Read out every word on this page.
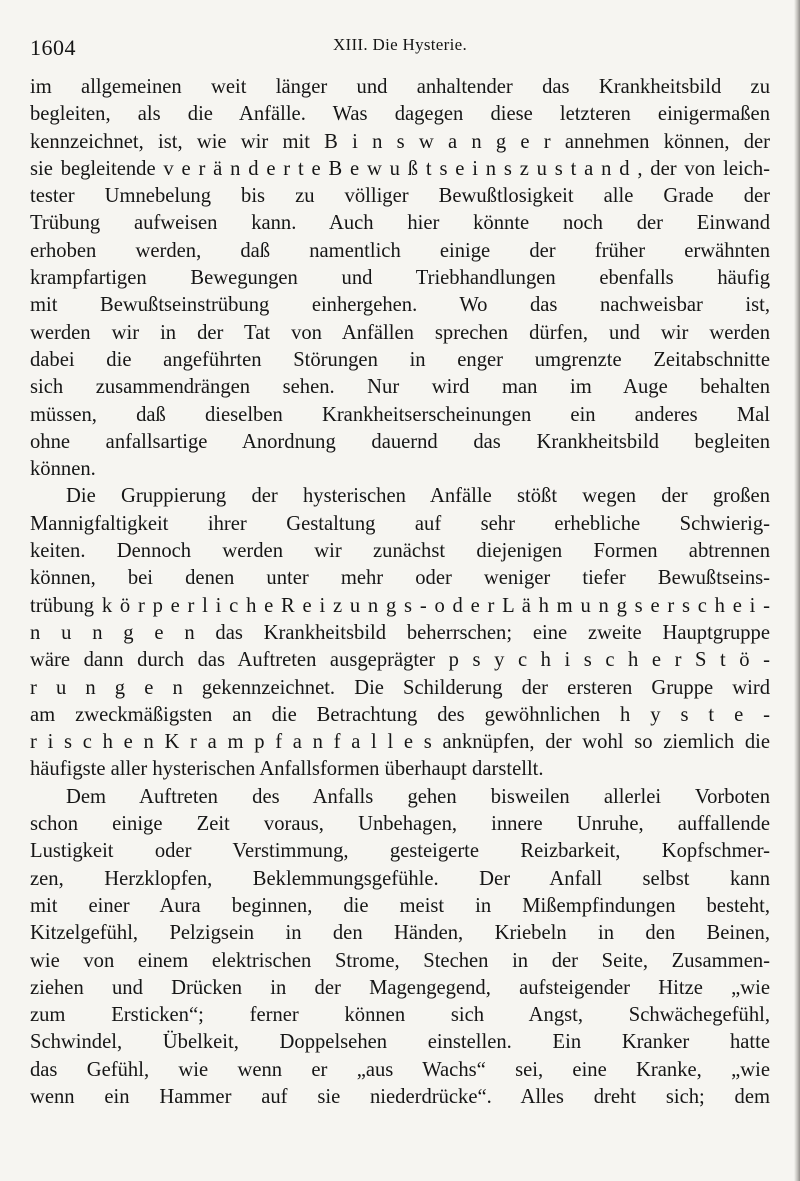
1604	XIII. Die Hysterie.
im allgemeinen weit länger und anhaltender das Krankheitsbild zu
begleiten, als die Anfälle. Was dagegen diese letzteren einigermaßen
kennzeichnet, ist, wie wir mit B i n s w a n g e r annehmen können, der
sie begleitende v e r ä n d e r t e B e w u ß t s e i n s z u s t a n d , der von leich-
tester Umnebelung bis zu völliger Bewußtlosigkeit alle Grade der
Trübung aufweisen kann. Auch hier könnte noch der Einwand
erhoben werden, daß namentlich einige der früher erwähnten
krampfartigen Bewegungen und Triebhandlungen ebenfalls häufig
mit Bewußtseinstrübung einhergehen. Wo das nachweisbar ist,
werden wir in der Tat von Anfällen sprechen dürfen, und wir werden
dabei die angeführten Störungen in enger umgrenzte Zeitabschnitte
sich zusammendrängen sehen. Nur wird man im Auge behalten
müssen, daß dieselben Krankheitserscheinungen ein anderes Mal
ohne anfallsartige Anordnung dauernd das Krankheitsbild begleiten
können.
Die Gruppierung der hysterischen Anfälle stößt wegen der großen
Mannigfaltigkeit ihrer Gestaltung auf sehr erhebliche Schwierig-
keiten. Dennoch werden wir zunächst diejenigen Formen abtrennen
können, bei denen unter mehr oder weniger tiefer Bewußtseins-
trübung k ö r p e r l i c h e R e i z u n g s - o d e r L ä h m u n g s e r s c h e i -
n u n g e n das Krankheitsbild beherrschen; eine zweite Hauptgruppe
wäre dann durch das Auftreten ausgeprägter p s y c h i s c h e r S t ö -
r u n g e n gekennzeichnet. Die Schilderung der ersteren Gruppe wird
am zweckmäßigsten an die Betrachtung des gewöhnlichen h y s t e -
r i s c h e n K r a m p f a n f a l l e s anknüpfen, der wohl so ziemlich die
häufigste aller hysterischen Anfallsformen überhaupt darstellt.
Dem Auftreten des Anfalls gehen bisweilen allerlei Vorboten
schon einige Zeit voraus, Unbehagen, innere Unruhe, auffallende
Lustigkeit oder Verstimmung, gesteigerte Reizbarkeit, Kopfschmer-
zen, Herzklopfen, Beklemmungsgefühle. Der Anfall selbst kann
mit einer Aura beginnen, die meist in Mißempfindungen besteht,
Kitzelgefühl, Pelzigsein in den Händen, Kriebeln in den Beinen,
wie von einem elektrischen Strome, Stechen in der Seite, Zusammen-
ziehen und Drücken in der Magengegend, aufsteigender Hitze „wie
zum Ersticken“; ferner können sich Angst, Schwächegefühl,
Schwindel, Übelkeit, Doppelsehen einstellen. Ein Kranker hatte
das Gefühl, wie wenn er „aus Wachs“ sei, eine Kranke, „wie
wenn ein Hammer auf sie niederdrücke“. Alles dreht sich; dem
